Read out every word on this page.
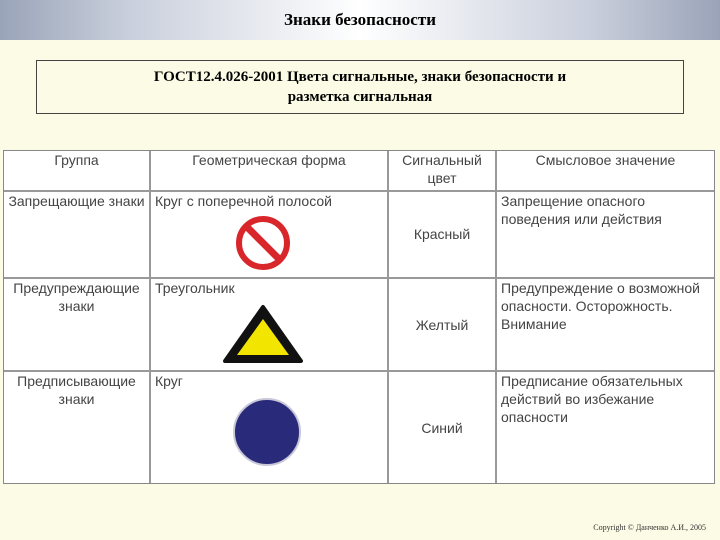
Знаки безопасности
ГОСТ12.4.026-2001 Цвета сигнальные, знаки безопасности и
разметка сигнальная
Группа	Геометрическая форма	Сигнальный цвет	Смысловое значение
Запрещающие знаки	Круг с поперечной полосой	Красный	Запрещение опасного поведения или действия
Предупреждающие знаки	Треугольник	Желтый	Предупреждение о возможной опасности. Осторожность. Внимание
Предписывающие знаки	Круг	Синий	Предписание обязательных действий во избежание опасности
Copyright © Данченко А.И., 2005
